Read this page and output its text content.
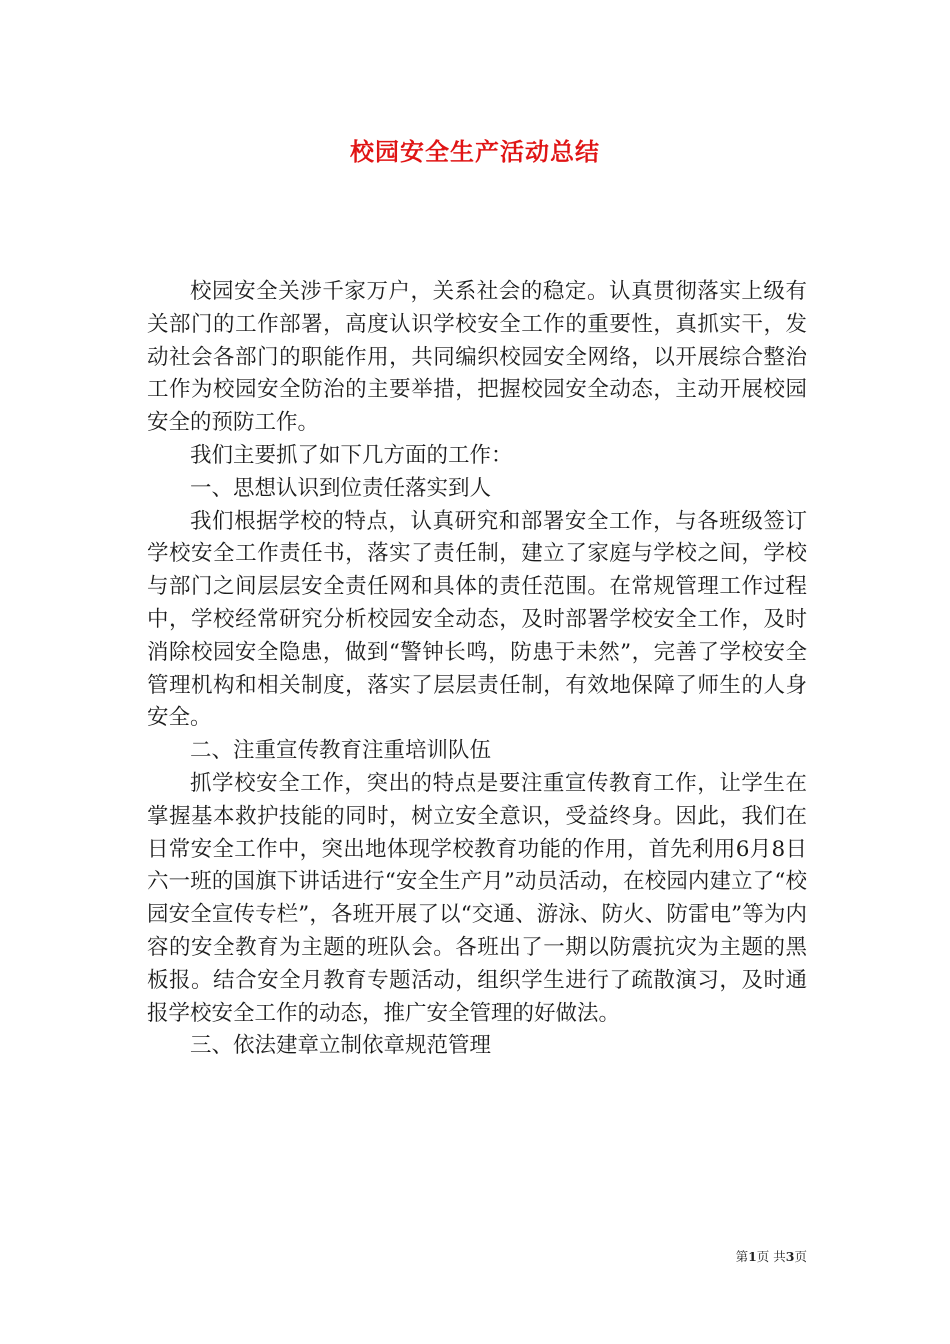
校园安全生产活动总结

校园安全关涉千家万户，关系社会的稳定。认真贯彻落实上级有关部门的工作部署，高度认识学校安全工作的重要性，真抓实干，发动社会各部门的职能作用，共同编织校园安全网络，以开展综合整治工作为校园安全防治的主要举措，把握校园安全动态，主动开展校园安全的预防工作。

我们主要抓了如下几方面的工作：

一、思想认识到位责任落实到人

我们根据学校的特点，认真研究和部署安全工作，与各班级签订学校安全工作责任书，落实了责任制，建立了家庭与学校之间，学校与部门之间层层安全责任网和具体的责任范围。在常规管理工作过程中，学校经常研究分析校园安全动态，及时部署学校安全工作，及时消除校园安全隐患，做到“警钟长鸣，防患于未然”，完善了学校安全管理机构和相关制度，落实了层层责任制，有效地保障了师生的人身安全。

二、注重宣传教育注重培训队伍

抓学校安全工作，突出的特点是要注重宣传教育工作，让学生在掌握基本救护技能的同时，树立安全意识，受益终身。因此，我们在日常安全工作中，突出地体现学校教育功能的作用，首先利用6月8日六一班的国旗下讲话进行“安全生产月”动员活动，在校园内建立了“校园安全宣传专栏”，各班开展了以“交通、游泳、防火、防雷电”等为内容的安全教育为主题的班队会。各班出了一期以防震抗灾为主题的黑板报。结合安全月教育专题活动，组织学生进行了疏散演习，及时通报学校安全工作的动态，推广安全管理的好做法。

三、依法建章立制依章规范管理

第1页 共3页
